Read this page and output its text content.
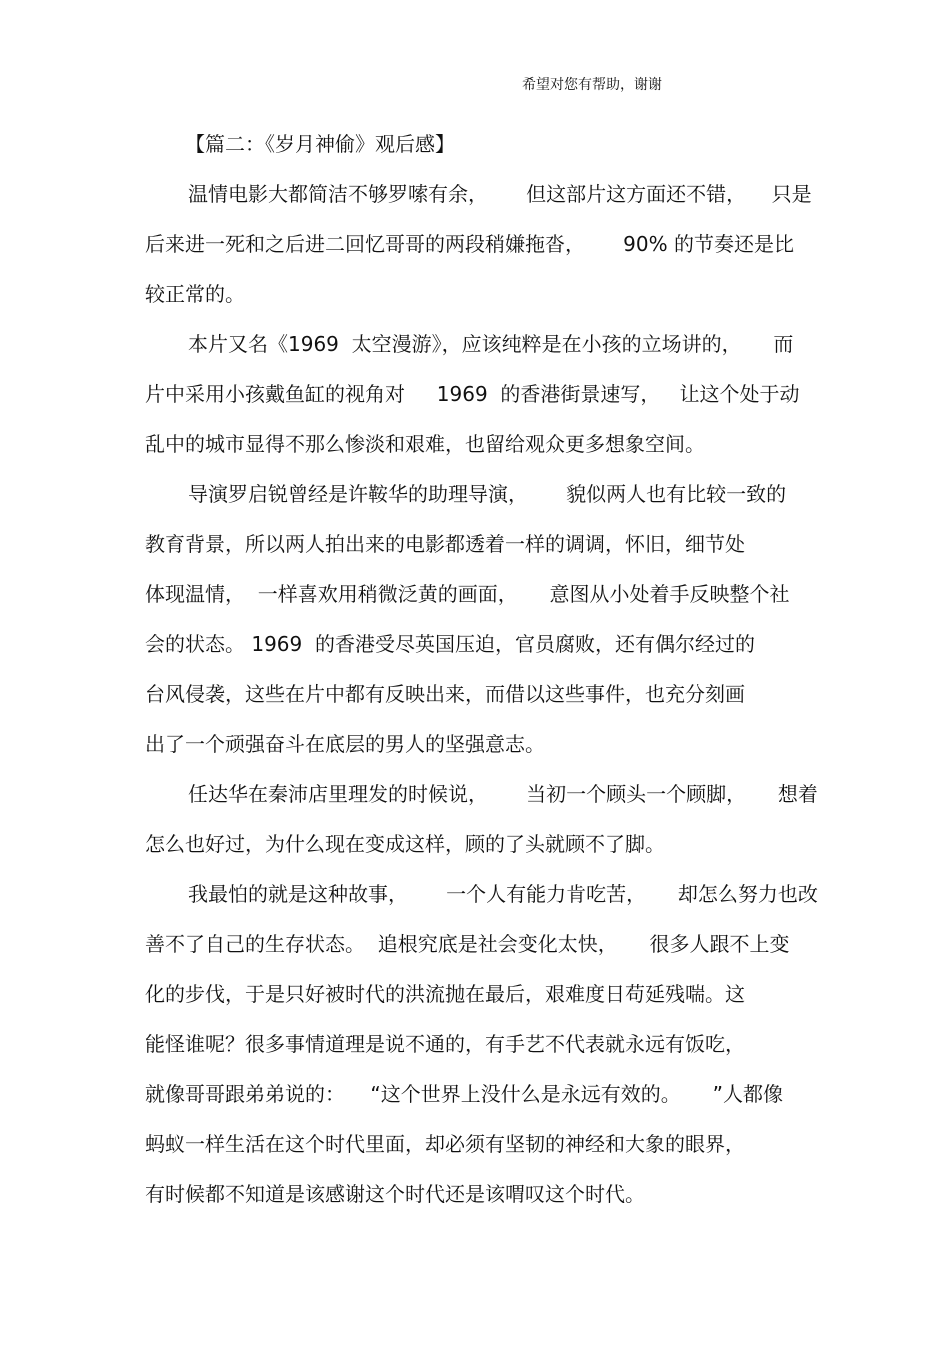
希望对您有帮助，谢谢
【篇二：《岁月神偷》观后感】
温情电影大都简洁不够罗嗦有余，      但这部片这方面还不错，    只是
后来进一死和之后进二回忆哥哥的两段稍嫌拖沓，      90% 的节奏还是比
较正常的。
本片又名《1969  太空漫游》，应该纯粹是在小孩的立场讲的，     而
片中采用小孩戴鱼缸的视角对     1969  的香港街景速写，   让这个处于动
乱中的城市显得不那么惨淡和艰难，也留给观众更多想象空间。
导演罗启锐曾经是许鞍华的助理导演，      貌似两人也有比较一致的
教育背景，所以两人拍出来的电影都透着一样的调调，怀旧，细节处
体现温情，  一样喜欢用稍微泛黄的画面，     意图从小处着手反映整个社
会的状态。 1969  的香港受尽英国压迫，官员腐败，还有偶尔经过的
台风侵袭，这些在片中都有反映出来，而借以这些事件，也充分刻画
出了一个顽强奋斗在底层的男人的坚强意志。
任达华在秦沛店里理发的时候说，      当初一个顾头一个顾脚，     想着
怎么也好过，为什么现在变成这样，顾的了头就顾不了脚。
我最怕的就是这种故事，      一个人有能力肯吃苦，     却怎么努力也改
善不了自己的生存状态。  追根究底是社会变化太快，     很多人跟不上变
化的步伐，于是只好被时代的洪流抛在最后，艰难度日苟延残喘。这
能怪谁呢？很多事情道理是说不通的，有手艺不代表就永远有饭吃，
就像哥哥跟弟弟说的：    “这个世界上没什么是永远有效的。     ”人都像
蚂蚁一样生活在这个时代里面，却必须有坚韧的神经和大象的眼界，
有时候都不知道是该感谢这个时代还是该喟叹这个时代。
